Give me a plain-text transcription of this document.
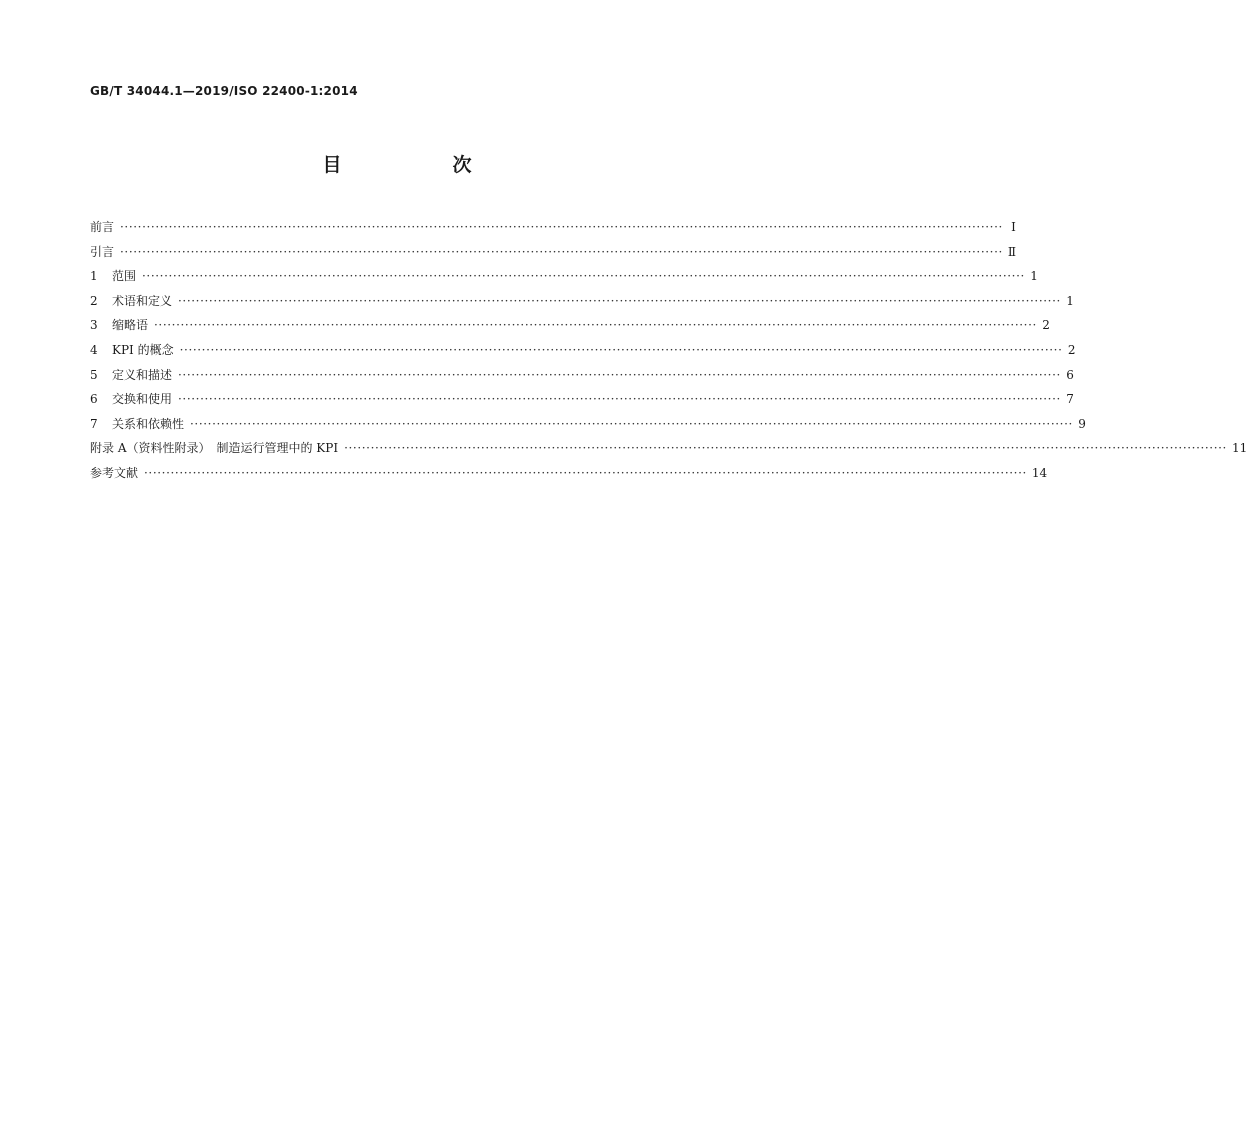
GB/T 34044.1—2019/ISO 22400-1:2014
目　次
前言 ········································································································································································································ Ⅰ
引言 ········································································································································································································ Ⅱ
1	范围 ········································································································································································································ 1
2	术语和定义 ········································································································································································································ 1
3	缩略语 ········································································································································································································ 2
4	KPI 的概念 ········································································································································································································ 2
5	定义和描述 ········································································································································································································ 6
6	交换和使用 ········································································································································································································ 7
7	关系和依赖性 ········································································································································································································ 9
附录 A（资料性附录）　制造运行管理中的 KPI ········································································································································································································ 11
参考文献 ········································································································································································································ 14
